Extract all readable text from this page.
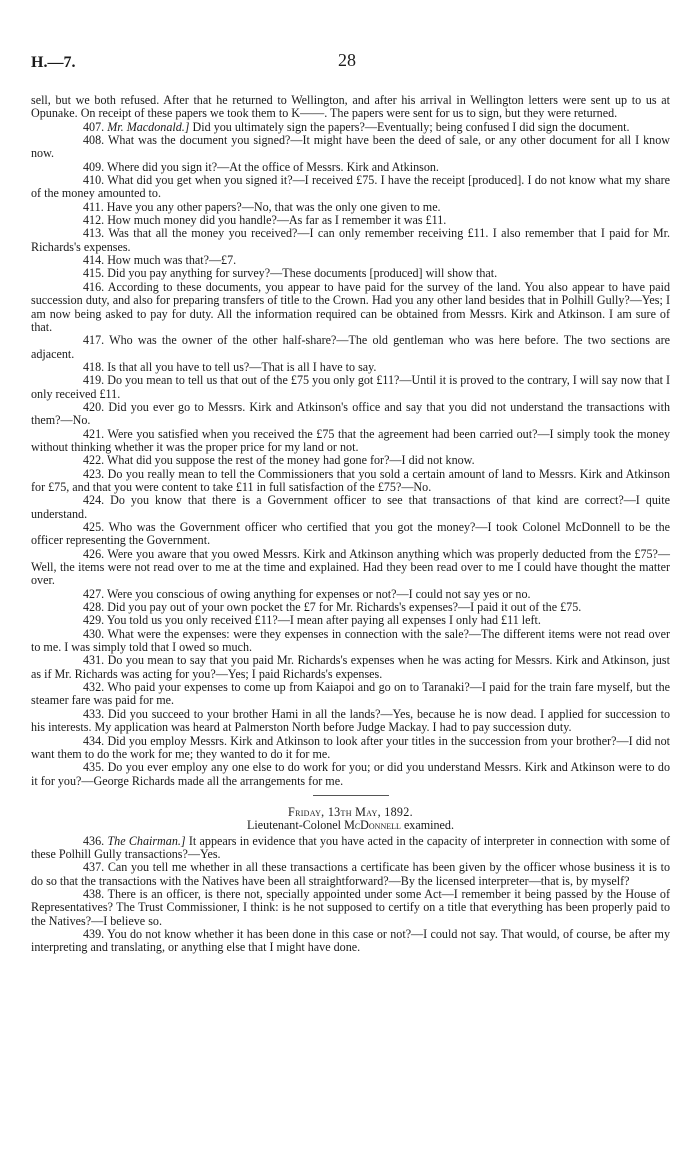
H.—7.	28

sell, but we both refused. After that he returned to Wellington, and after his arrival in Wellington letters were sent up to us at Opunake. On receipt of these papers we took them to K——. The papers were sent for us to sign, but they were returned.

407. Mr. Macdonald.] Did you ultimately sign the papers?—Eventually; being confused I did sign the document.

408. What was the document you signed?—It might have been the deed of sale, or any other document for all I know now.

409. Where did you sign it?—At the office of Messrs. Kirk and Atkinson.

410. What did you get when you signed it?—I received £75. I have the receipt [produced]. I do not know what my share of the money amounted to.

411. Have you any other papers?—No, that was the only one given to me.

412. How much money did you handle?—As far as I remember it was £11.

413. Was that all the money you received?—I can only remember receiving £11. I also remember that I paid for Mr. Richards's expenses.

414. How much was that?—£7.

415. Did you pay anything for survey?—These documents [produced] will show that.

416. According to these documents, you appear to have paid for the survey of the land. You also appear to have paid succession duty, and also for preparing transfers of title to the Crown. Had you any other land besides that in Polhill Gully?—Yes; I am now being asked to pay for duty. All the information required can be obtained from Messrs. Kirk and Atkinson. I am sure of that.

417. Who was the owner of the other half-share?—The old gentleman who was here before. The two sections are adjacent.

418. Is that all you have to tell us?—That is all I have to say.

419. Do you mean to tell us that out of the £75 you only got £11?—Until it is proved to the contrary, I will say now that I only received £11.

420. Did you ever go to Messrs. Kirk and Atkinson's office and say that you did not understand the transactions with them?—No.

421. Were you satisfied when you received the £75 that the agreement had been carried out?—I simply took the money without thinking whether it was the proper price for my land or not.

422. What did you suppose the rest of the money had gone for?—I did not know.

423. Do you really mean to tell the Commissioners that you sold a certain amount of land to Messrs. Kirk and Atkinson for £75, and that you were content to take £11 in full satisfaction of the £75?—No.

424. Do you know that there is a Government officer to see that transactions of that kind are correct?—I quite understand.

425. Who was the Government officer who certified that you got the money?—I took Colonel McDonnell to be the officer representing the Government.

426. Were you aware that you owed Messrs. Kirk and Atkinson anything which was properly deducted from the £75?—Well, the items were not read over to me at the time and explained. Had they been read over to me I could have thought the matter over.

427. Were you conscious of owing anything for expenses or not?—I could not say yes or no.

428. Did you pay out of your own pocket the £7 for Mr. Richards's expenses?—I paid it out of the £75.

429. You told us you only received £11?—I mean after paying all expenses I only had £11 left.

430. What were the expenses: were they expenses in connection with the sale?—The different items were not read over to me. I was simply told that I owed so much.

431. Do you mean to say that you paid Mr. Richards's expenses when he was acting for Messrs. Kirk and Atkinson, just as if Mr. Richards was acting for you?—Yes; I paid Richards's expenses.

432. Who paid your expenses to come up from Kaiapoi and go on to Taranaki?—I paid for the train fare myself, but the steamer fare was paid for me.

433. Did you succeed to your brother Hami in all the lands?—Yes, because he is now dead. I applied for succession to his interests. My application was heard at Palmerston North before Judge Mackay. I had to pay succession duty.

434. Did you employ Messrs. Kirk and Atkinson to look after your titles in the succession from your brother?—I did not want them to do the work for me; they wanted to do it for me.

435. Do you ever employ any one else to do work for you; or did you understand Messrs. Kirk and Atkinson were to do it for you?—George Richards made all the arrangements for me.

Friday, 13th May, 1892.

Lieutenant-Colonel McDonnell examined.

436. The Chairman.] It appears in evidence that you have acted in the capacity of interpreter in connection with some of these Polhill Gully transactions?—Yes.

437. Can you tell me whether in all these transactions a certificate has been given by the officer whose business it is to do so that the transactions with the Natives have been all straightforward?—By the licensed interpreter—that is, by myself?

438. There is an officer, is there not, specially appointed under some Act—I remember it being passed by the House of Representatives? The Trust Commissioner, I think: is he not supposed to certify on a title that everything has been properly paid to the Natives?—I believe so.

439. You do not know whether it has been done in this case or not?—I could not say. That would, of course, be after my interpreting and translating, or anything else that I might have done.
